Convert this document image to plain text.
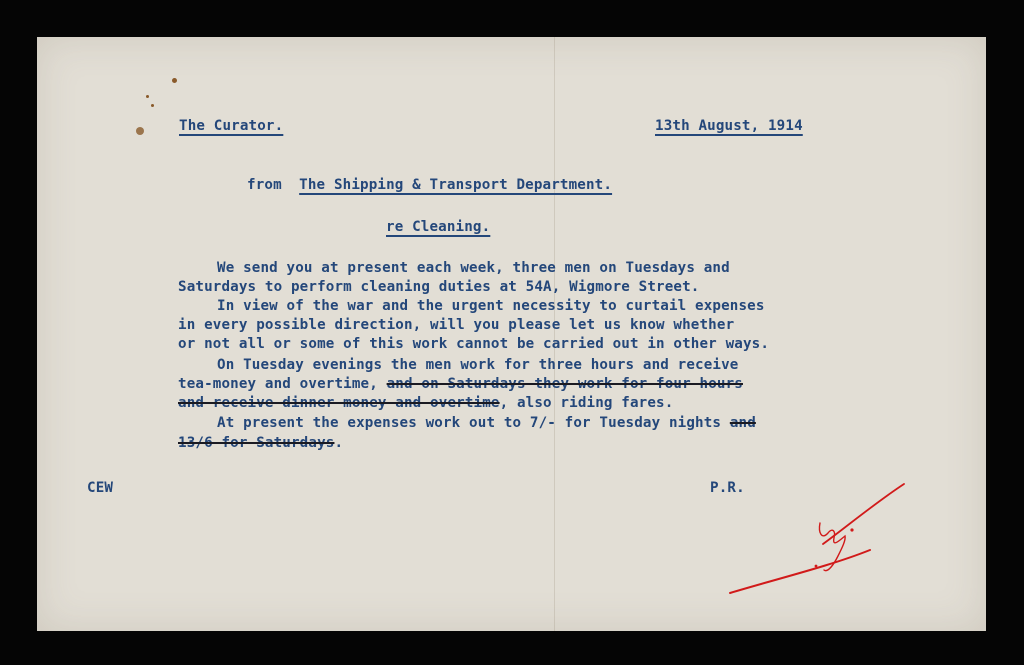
The Curator.	13th August, 1914
from The Shipping & Transport Department.
re Cleaning.
We send you at present each week, three men on Tuesdays and
Saturdays to perform cleaning duties at 54A, Wigmore Street.
In view of the war and the urgent necessity to curtail expenses
in every possible direction, will you please let us know whether
or not all or some of this work cannot be carried out in other ways.
On Tuesday evenings the men work for three hours and receive
tea-money and overtime, and on Saturdays they work for four hours
and receive dinner money and overtime, also riding fares.
At present the expenses work out to 7/- for Tuesday nights and
13/6 for Saturdays.
CEW	P.R.
to f.
